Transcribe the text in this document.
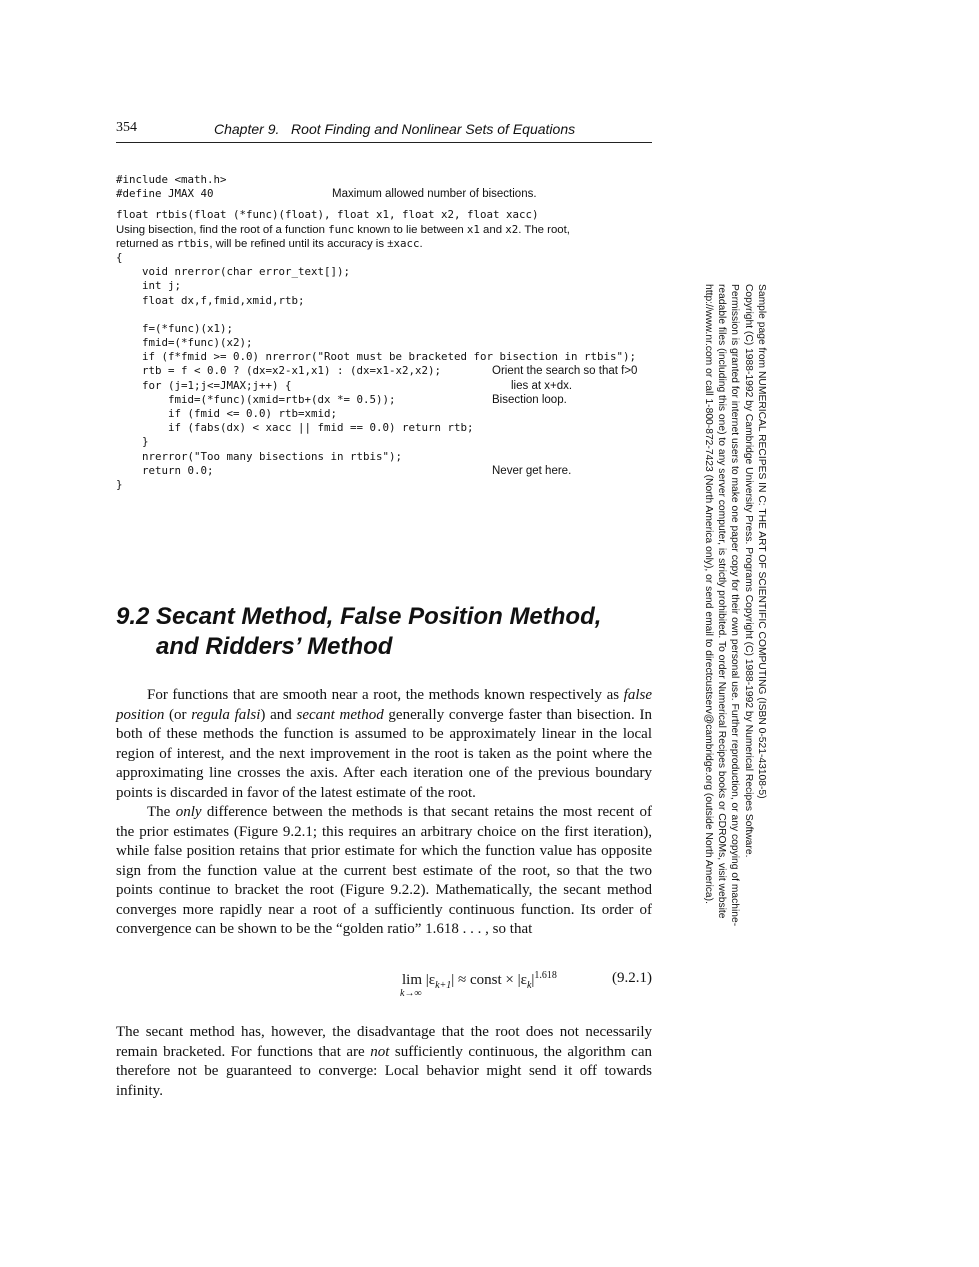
354	Chapter 9.   Root Finding and Nonlinear Sets of Equations

#include <math.h>

#define JMAX 40

	Maximum allowed number of bisections.

float rtbis(float (*func)(float), float x1, float x2, float xacc)

Using bisection, find the root of a function func known to lie between x1 and x2. The root,
returned as rtbis, will be refined until its accuracy is ±xacc.
{
void nrerror(char error_text[]);
int j;
float dx,f,fmid,xmid,rtb;
f=(*func)(x1);
fmid=(*func)(x2);
if (f*fmid >= 0.0) nrerror("Root must be bracketed for bisection in rtbis");

rtb = f < 0.0 ? (dx=x2-x1,x1) : (dx=x1-x2,x2);

	Orient the search so that f>0

for (j=1;j<=JMAX;j++) {

	lies at x+dx.

fmid=(*func)(xmid=rtb+(dx *= 0.5));

	Bisection loop.

if (fmid <= 0.0) rtb=xmid;
if (fabs(dx) < xacc || fmid == 0.0) return rtb;
}
nrerror("Too many bisections in rtbis");

return 0.0;

	Never get here.

}
9.2 Secant Method, False Position Method,
and Ridders’ Method

For functions that are smooth near a root, the methods known respectively as false position (or regula falsi) and secant method generally converge faster than bisection. In both of these methods the function is assumed to be approximately linear in the local region of interest, and the next improvement in the root is taken as the point where the approximating line crosses the axis. After each iteration one of the previous boundary points is discarded in favor of the latest estimate of the root.

The only difference between the methods is that secant retains the most recent of the prior estimates (Figure 9.2.1; this requires an arbitrary choice on the first iteration), while false position retains that prior estimate for which the function value has opposite sign from the function value at the current best estimate of the root, so that the two points continue to bracket the root (Figure 9.2.2). Mathematically, the secant method converges more rapidly near a root of a sufficiently continuous function. Its order of convergence can be shown to be the “golden ratio” 1.618 . . . , so that

lim
k→∞
$|\varepsilon_{k+1}|$ ≈ const × $|\varepsilon_k|^{1.618}$	(9.2.1)

The secant method has, however, the disadvantage that the root does not necessarily remain bracketed. For functions that are not sufficiently continuous, the algorithm can therefore not be guaranteed to converge: Local behavior might send it off towards infinity.

Sample page from NUMERICAL RECIPES IN C: THE ART OF SCIENTIFIC COMPUTING (ISBN 0-521-43108-5)
Copyright (C) 1988-1992 by Cambridge University Press. Programs Copyright (C) 1988-1992 by Numerical Recipes Software.
Permission is granted for internet users to make one paper copy for their own personal use. Further reproduction, or any copying of machine-
readable files (including this one) to any server computer, is strictly prohibited. To order Numerical Recipes books or CDROMs, visit website
http://www.nr.com or call 1-800-872-7423 (North America only), or send email to directcustserv@cambridge.org (outside North America).
